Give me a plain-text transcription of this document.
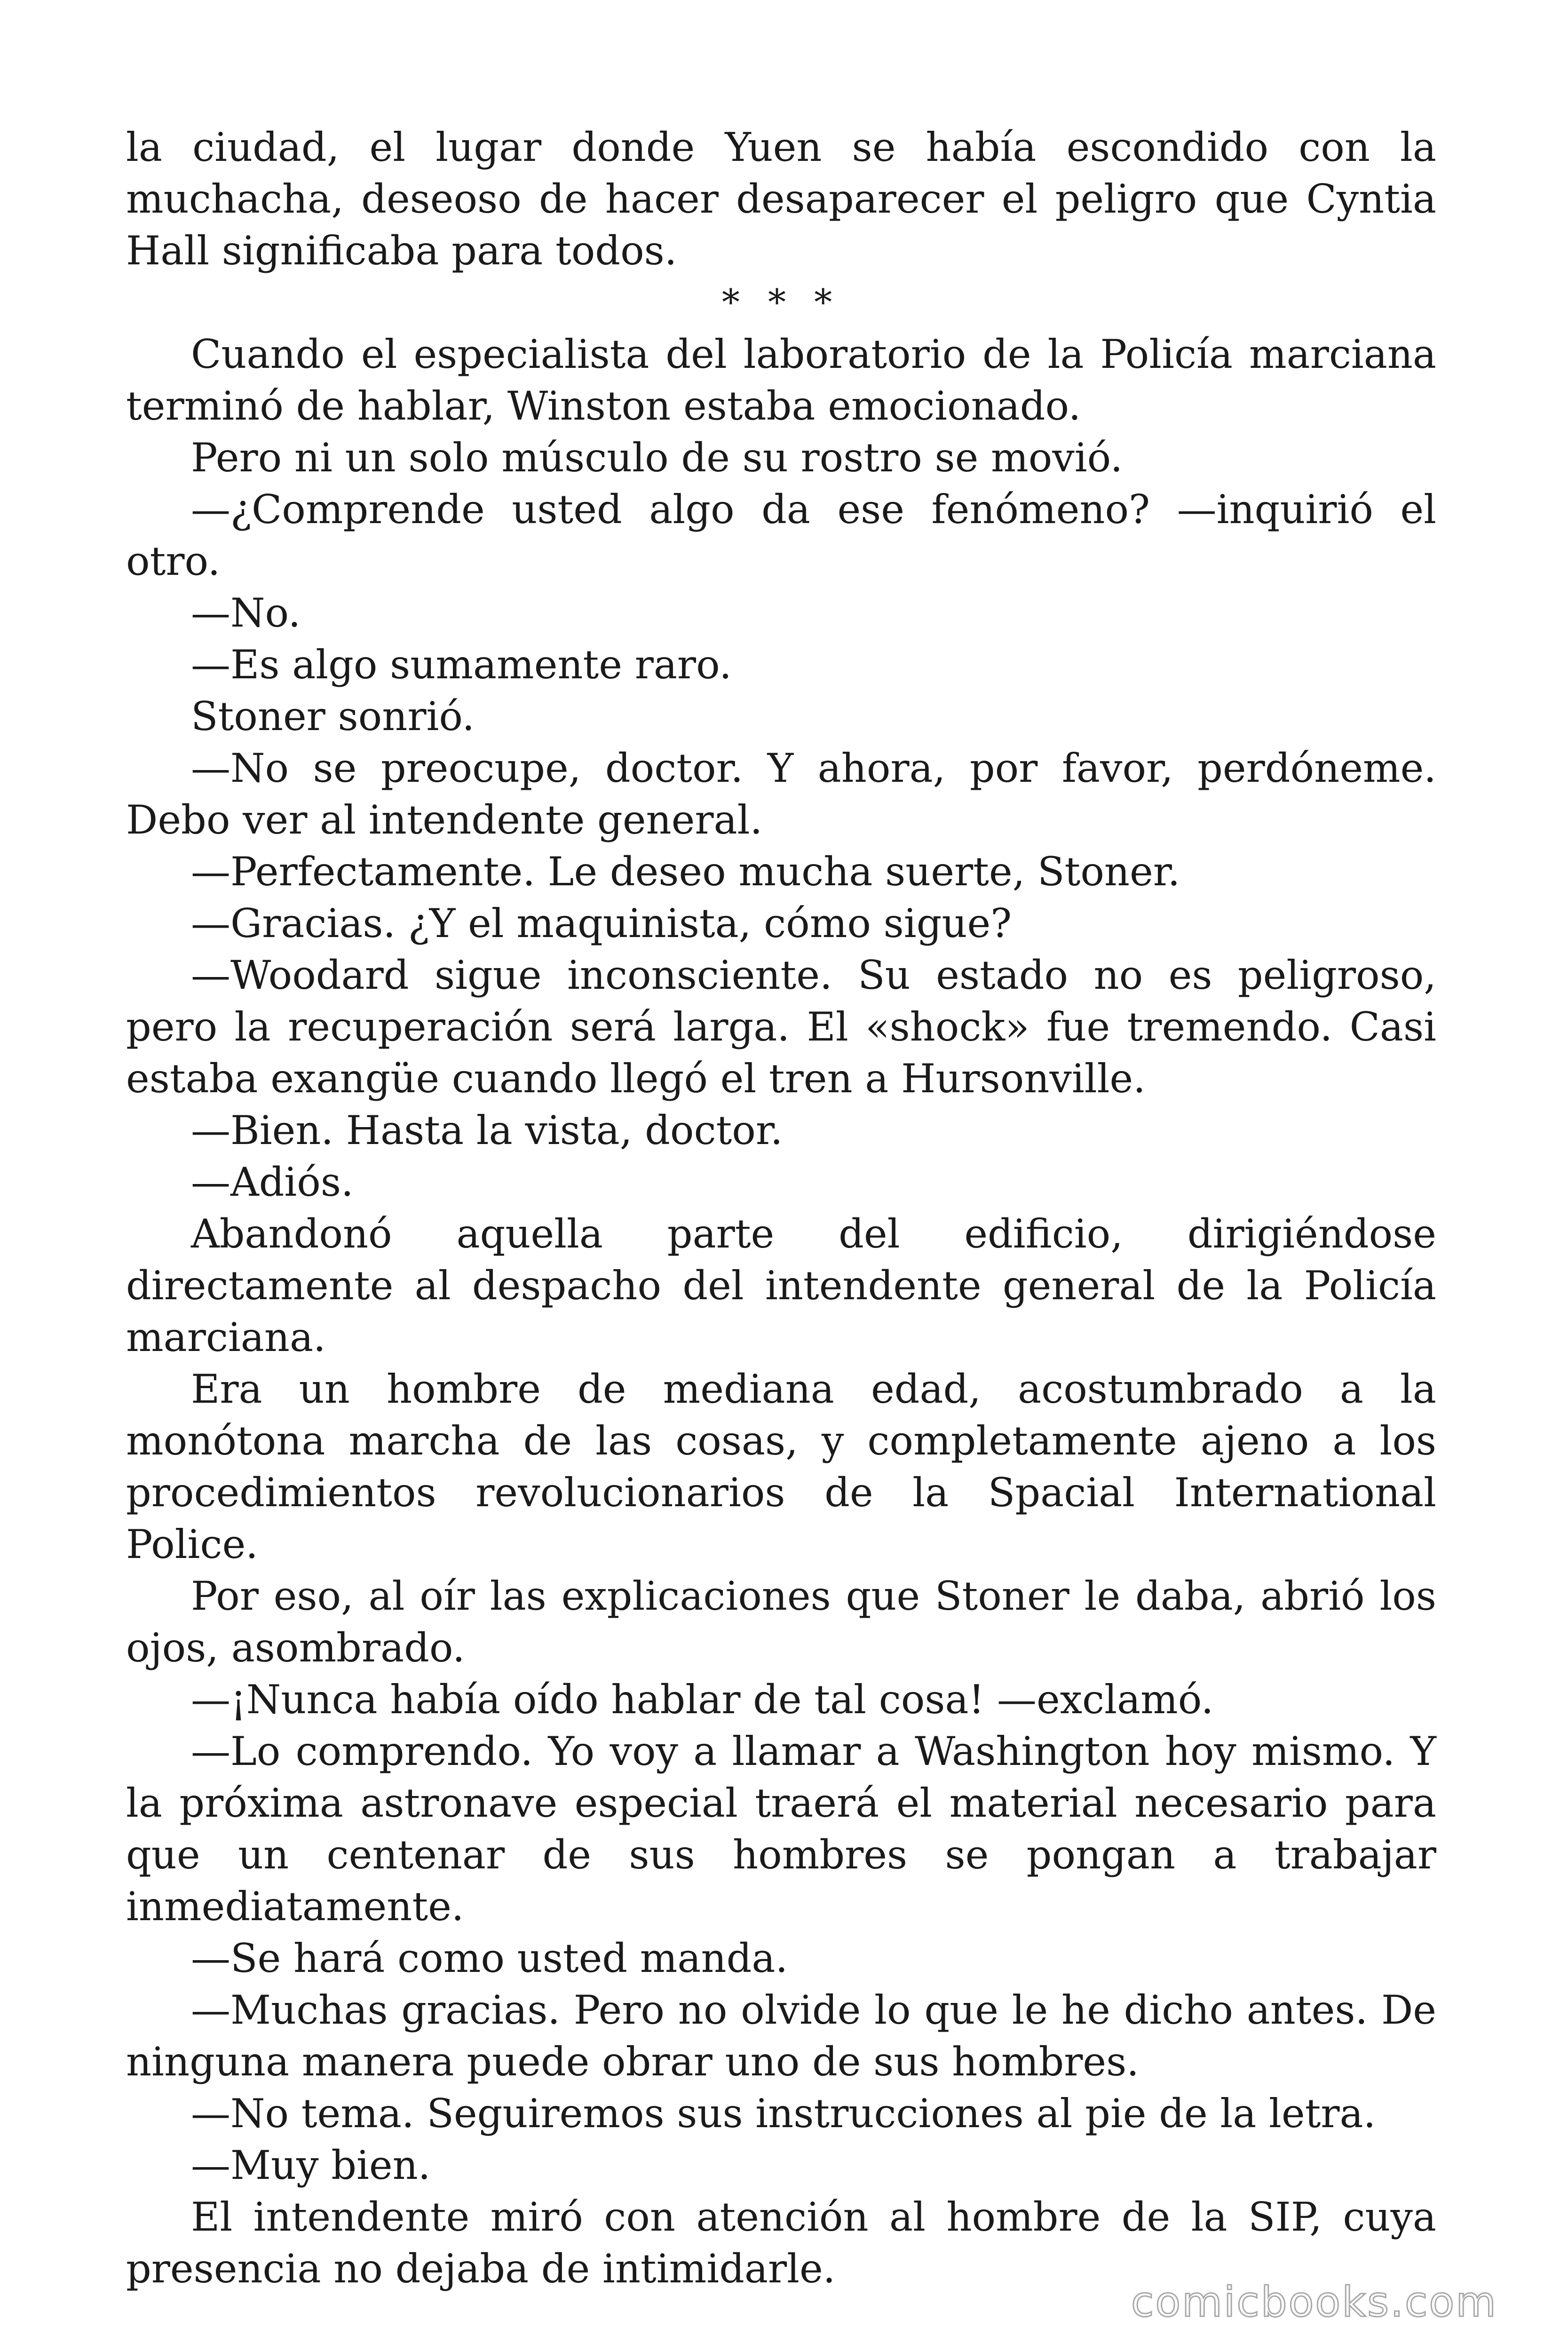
la ciudad, el lugar donde Yuen se había escondido con la muchacha, deseoso de hacer desaparecer el peligro que Cyntia Hall significaba para todos.

* * *

Cuando el especialista del laboratorio de la Policía marciana terminó de hablar, Winston estaba emocionado.

Pero ni un solo músculo de su rostro se movió.

—¿Comprende usted algo da ese fenómeno? —inquirió el otro.

—No.

—Es algo sumamente raro.

Stoner sonrió.

—No se preocupe, doctor. Y ahora, por favor, perdóneme. Debo ver al intendente general.

—Perfectamente. Le deseo mucha suerte, Stoner.

—Gracias. ¿Y el maquinista, cómo sigue?

—Woodard sigue inconsciente. Su estado no es peligroso, pero la recuperación será larga. El «shock» fue tremendo. Casi estaba exangüe cuando llegó el tren a Hursonville.

—Bien. Hasta la vista, doctor.

—Adiós.

Abandonó aquella parte del edificio, dirigiéndose directamente al despacho del intendente general de la Policía marciana.

Era un hombre de mediana edad, acostumbrado a la monótona marcha de las cosas, y completamente ajeno a los procedimientos revolucionarios de la Spacial International Police.

Por eso, al oír las explicaciones que Stoner le daba, abrió los ojos, asombrado.

—¡Nunca había oído hablar de tal cosa! —exclamó.

—Lo comprendo. Yo voy a llamar a Washington hoy mismo. Y la próxima astronave especial traerá el material necesario para que un centenar de sus hombres se pongan a trabajar inmediatamente.

—Se hará como usted manda.

—Muchas gracias. Pero no olvide lo que le he dicho antes. De ninguna manera puede obrar uno de sus hombres.

—No tema. Seguiremos sus instrucciones al pie de la letra.

—Muy bien.

El intendente miró con atención al hombre de la SIP, cuya presencia no dejaba de intimidarle.

comicbooks.com
